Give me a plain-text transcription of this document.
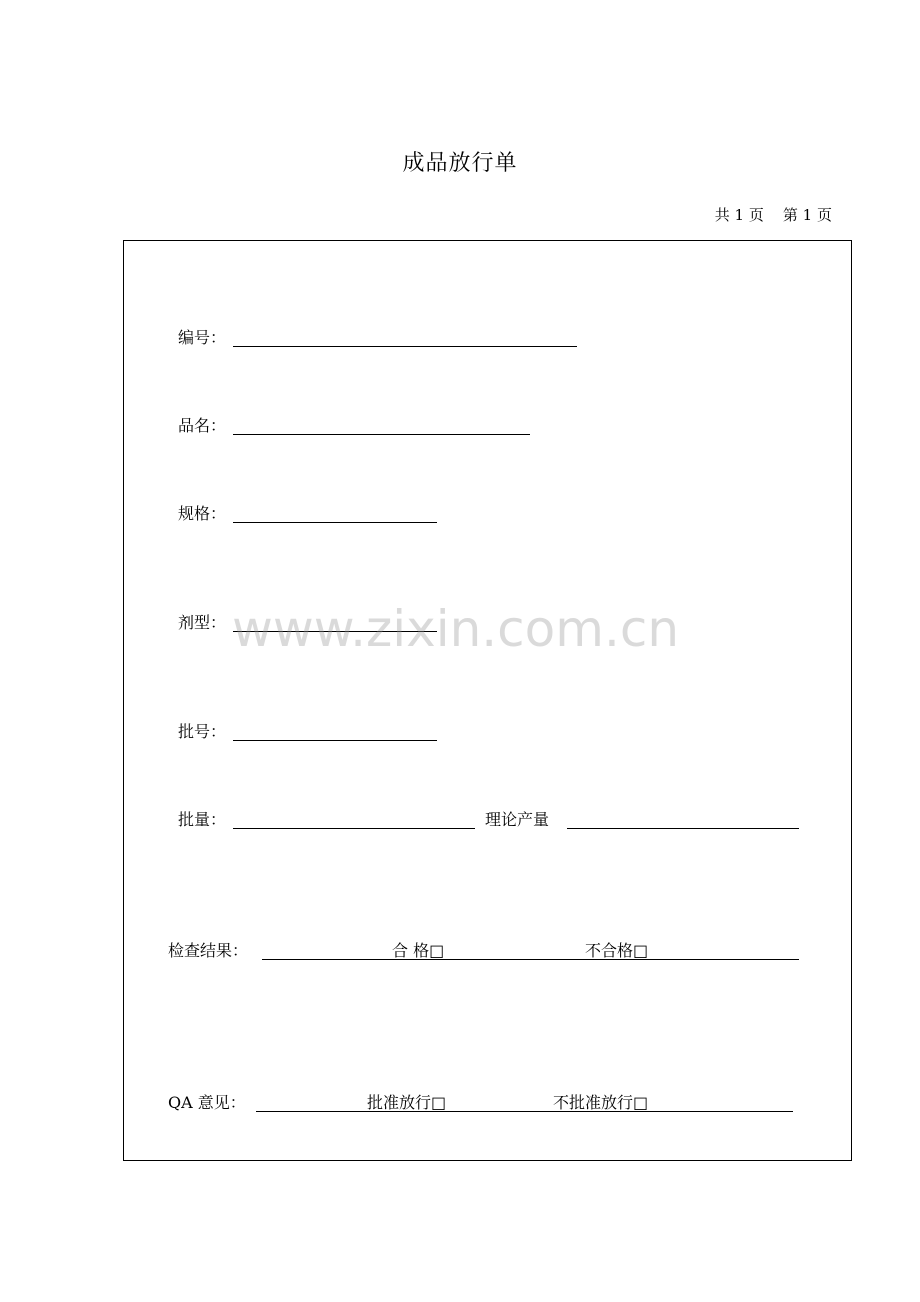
成品放行单
共 1 页    第 1 页
编号：
品名：
规格：
剂型：
批号：
批量：	理论产量
检查结果：	合 格□	不合格□
QA 意见：	批准放行□	不批准放行□
www.zixin.com.cn
